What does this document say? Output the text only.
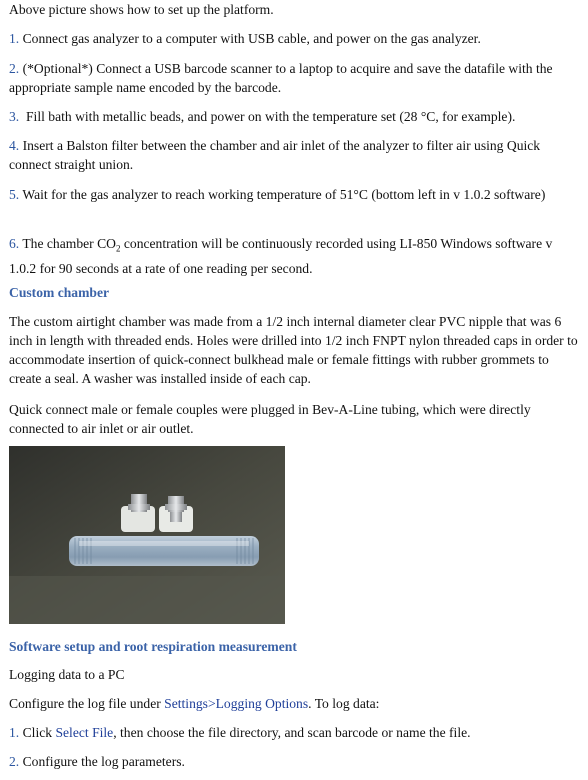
Above picture shows how to set up the platform.

1. Connect gas analyzer to a computer with USB cable, and power on the gas analyzer.

2. (*Optional*) Connect a USB barcode scanner to a laptop to acquire and save the datafile with the appropriate sample name encoded by the barcode.

3.  Fill bath with metallic beads, and power on with the temperature set (28 °C, for example).

4. Insert a Balston filter between the chamber and air inlet of the analyzer to filter air using Quick connect straight union.

5. Wait for the gas analyzer to reach working temperature of 51°C (bottom left in v 1.0.2 software)

6. The chamber $CO_2$ concentration will be continuously recorded using LI-850 Windows software v 1.0.2 for 90 seconds at a rate of one reading per second.

Custom chamber

The custom airtight chamber was made from a 1/2 inch internal diameter clear PVC nipple that was 6 inch in length with threaded ends. Holes were drilled into 1/2 inch FNPT nylon threaded caps in order to accommodate insertion of quick-connect bulkhead male or female fittings with rubber grommets to create a seal. A washer was installed inside of each cap.

Quick connect male or female couples were plugged in Bev-A-Line tubing, which were directly connected to air inlet or air outlet.

Software setup and root respiration measurement

Logging data to a PC

Configure the log file under Settings>Logging Options. To log data:

1. Click Select File, then choose the file directory, and scan barcode or name the file.

2. Configure the log parameters.
